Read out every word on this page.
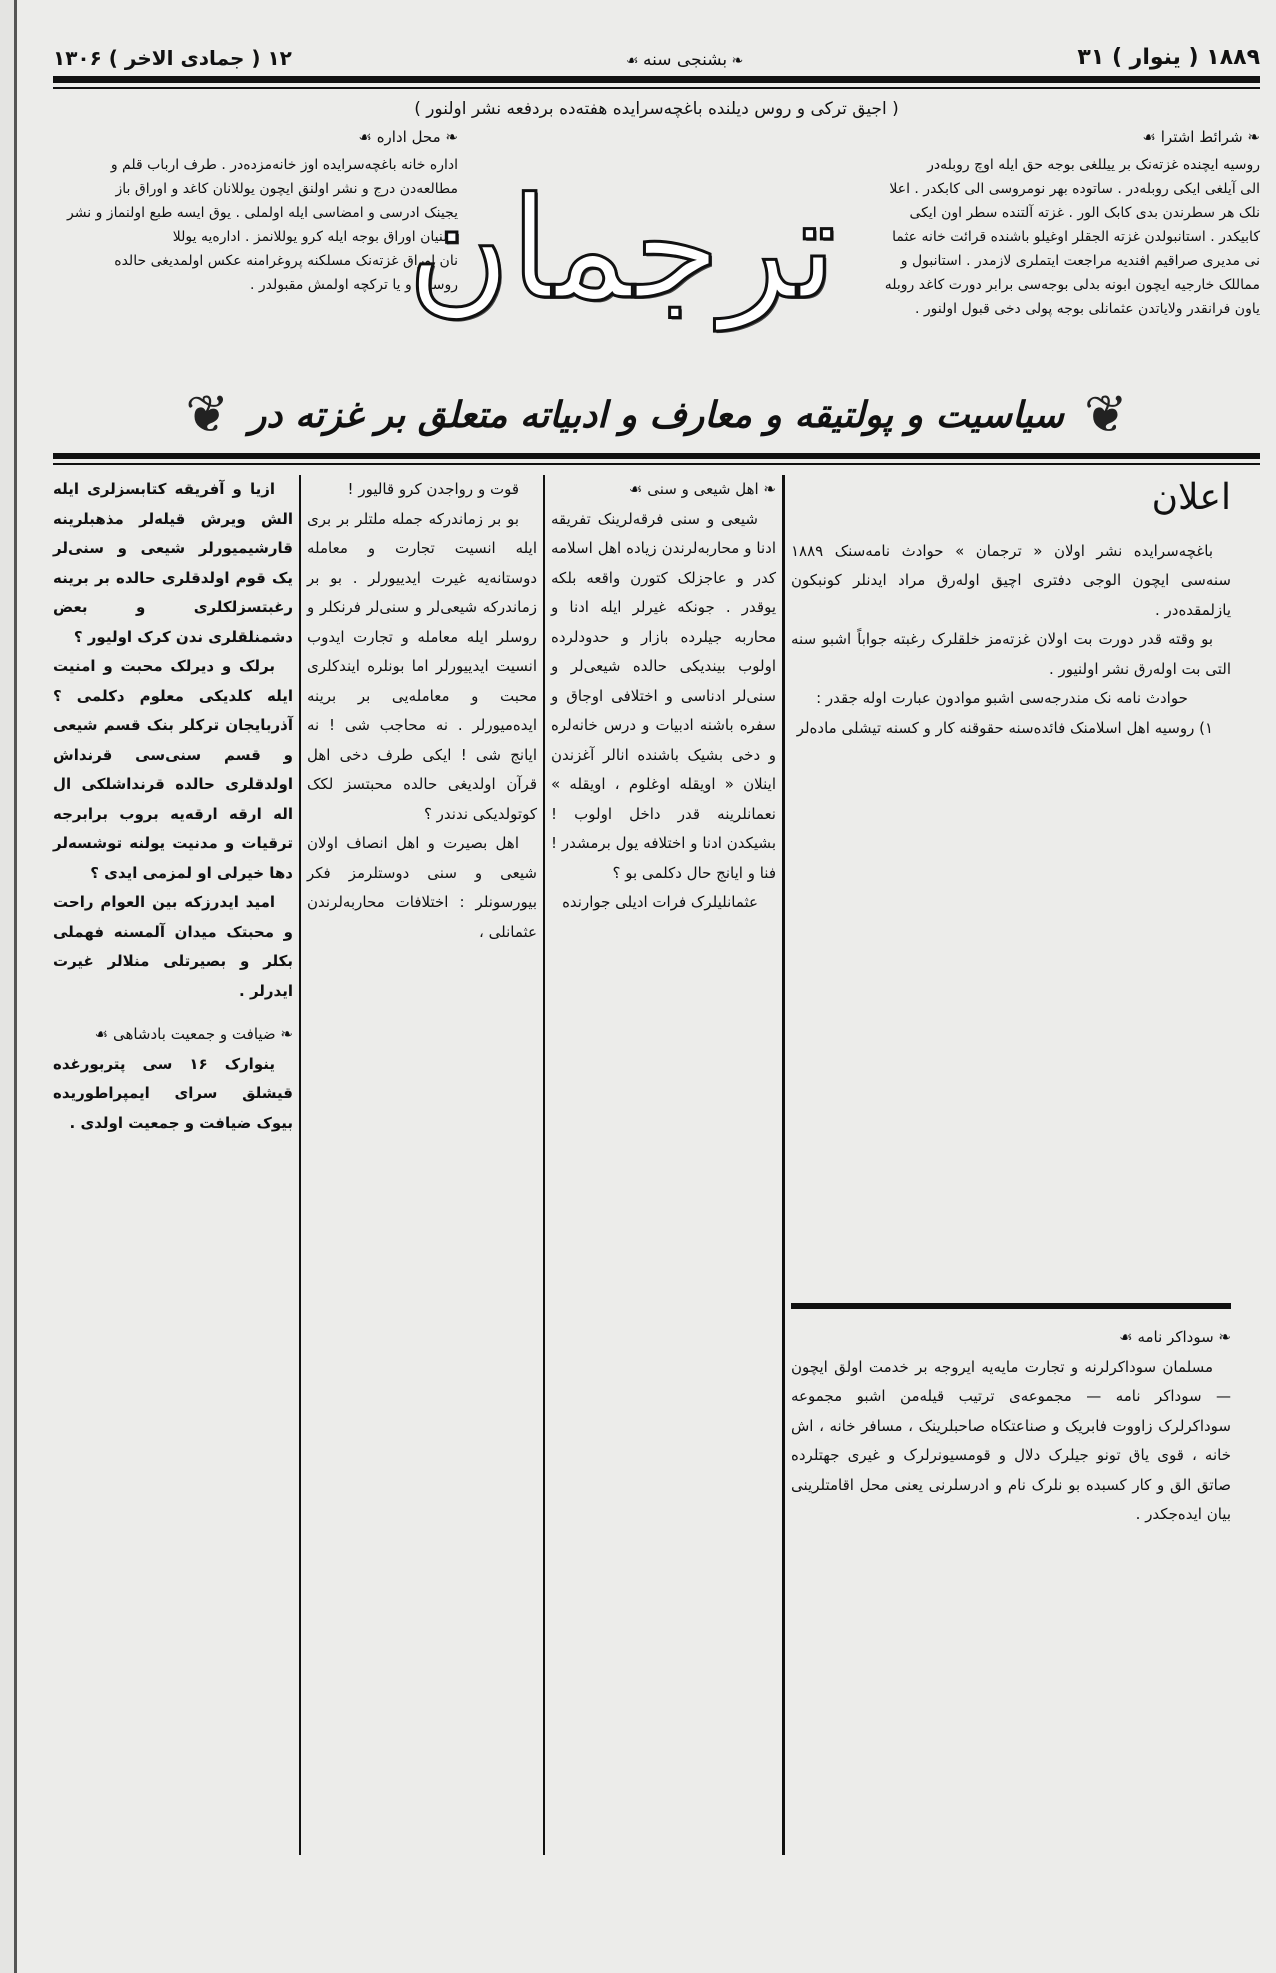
۱۲ ( جمادی الاخر ) ۱۳۰۶	❧ بشنجی سنه ☙	۱۸۸۹ ( ینوار ) ۳۱
( اجیق ترکی و روس دیلنده باغچه‌سرایده هفته‌ده بردفعه نشر اولنور )
❧ محل اداره ☙
اداره خانه باغچه‌سرایده اوز خانه‌مزده‌در . طرف ارباب قلم و
مطالعه‌دن درج و نشر اولنق ایچون یوللانان کاغد و اوراق باز
یجینک ادرسی و امضاسی ایله اولملی . یوق ایسه طبع اولنماز و نشر
اولنیان اوراق بوجه ایله کرو یوللانمز . اداره‌یه یوللا
نان اوراق غزته‌نک مسلکنه پروغرامنه عکس اولمدیغی حالده
روسچه و یا ترکچه اولمش مقبولدر .
ترجمان
❧ شرائط اشترا ☙
روسیه ایچنده غزته‌نک بر ییللغی بوجه حق ایله اوچ روبله‌در
الی آیلغی ایکی روبله‌در . ساتوده بهر نومروسی الی کابکدر . اعلا
نلک هر سطرندن بدی کابک الور . غزته آلتنده سطر اون ایکی
کابیکدر . استانبولدن غزته الجقلر اوغیلو باشنده قرائت خانه عثما
نی مدیری صراقیم افندیه مراجعت ایتملری لازمدر . استانبول و
مماللک خارجیه ایچون ابونه بدلی بوجه‌سی برابر دورت کاغد روبله
یاون فرانقدر ولایاتدن عثمانلی بوجه پولی دخی قبول اولنور .
❦ سیاسیت و پولتیقه و معارف و ادبیاته متعلق بر غزته در ❦

ازیا و آفریقه کتابسزلری ایله الش ویرش قیله‌لر مذهبلرینه قارشیمیورلر شیعی و سنی‌لر یک قوم اولدقلری حالده بر برینه رغبتسزلکلری و بعض دشمنلقلری ندن کرک اولیور ؟

برلک و دیرلک محبت و امنیت ایله کلدیکی معلوم دکلمی ؟ آذربایجان ترکلر بنک قسم شیعی و قسم سنی‌سی قرنداش اولدقلری حالده قرنداشلکی ال اله ارقه ارقه‌یه بروب برابرجه ترقیات و مدنیت یولنه توشسه‌لر دها خیرلی او لمزمی ایدی ؟

امید ایدرزکه بین العوام راحت و محبتک میدان آلمسنه فهملی بکلر و بصیرتلی منلالر غیرت ایدرلر .

❧ ضیافت و جمعیت بادشاهی ☙

ینوارک ۱۶ سی پتربورغده قیشلق سرای ایمپراطوریده بیوک ضیافت و جمعیت اولدی .

قوت و رواجدن کرو قالیور !

بو بر زماندرکه جمله ملتلر بر بری ایله انسیت تجارت و معامله دوستانه‌یه غیرت ایدییورلر . بو بر زماندرکه شیعی‌لر و سنی‌لر فرنکلر و روسلر ایله معامله و تجارت ایدوب انسیت ایدییورلر اما بونلره ایندکلری محبت و معامله‌یی بر برینه ایده‌میورلر . نه محاجب شی ! نه ایانج شی ! ایکی طرف دخی اهل قرآن اولدیغی حالده محبتسز لکک کوتولدیکی ندندر ؟

اهل بصیرت و اهل انصاف اولان شیعی و سنی دوستلرمز فکر بیورسونلر : اختلافات محاربه‌لرندن عثمانلی ،

❧ اهل شیعی و سنی ☙

شیعی و سنی فرقه‌لرینک تفریقه ادنا و محاربه‌لرندن زیاده اهل اسلامه کدر و عاجزلک کتورن واقعه بلکه یوقدر . جونکه غیرلر ایله ادنا و محاربه جیلرده بازار و حدودلرده اولوب بیندیکی حالده شیعی‌لر و سنی‌لر ادنا‌سی و اختلافی اوجاق و سفره باشنه ادبیات و درس خانه‌لره و دخی بشیک باشنده انالر آغزندن اینلان « اویقله اوغلوم ، اویقله » نعمانلرینه قدر داخل اولوب ! بشیکدن ادنا و اختلافه یول برمشدر ! فنا و ایانج حال دکلمی بو ؟

عثمانلیلرک فرات ادیلی جوارنده

اعلان

باغچه‌سرایده نشر اولان « ترجمان » حوادث نامه‌سنک ۱۸۸۹ سنه‌سی ایچون الوجی دفتری اچیق اوله‌رق مراد ایدنلر کونبکون یازلمقده‌در .

بو وقته قدر دورت بت اولان غزته‌مز خلقلرک رغبته جواباً اشبو سنه التی بت اوله‌رق نشر اولنیور .

حوادث نامه نک مندرجه‌سی اشبو موادون عبارت اوله جقدر :

۱) روسیه اهل اسلامنک فائده‌سنه حقوقنه کار و کسنه تیشلی ماده‌لر

❧ سوداکر نامه ☙

مسلمان سوداکرلرنه و تجارت مایه‌یه ایروجه بر خدمت اولق ایچون — سوداکر نامه — مجموعه‌ی ترتیب قیله‌من اشبو مجموعه سوداکرلرک زاووت فابریک و صناعتکاه صاحبلرینک ، مسافر خانه ، اش خانه ، قوی یاق تونو جیلرک دلال و قومسیونرلرک و غیری جهتلرده صاتق الق و کار کسبده بو نلرک نام و ادرسلرنی یعنی محل اقامتلرینی بیان ایده‌جکدر .
